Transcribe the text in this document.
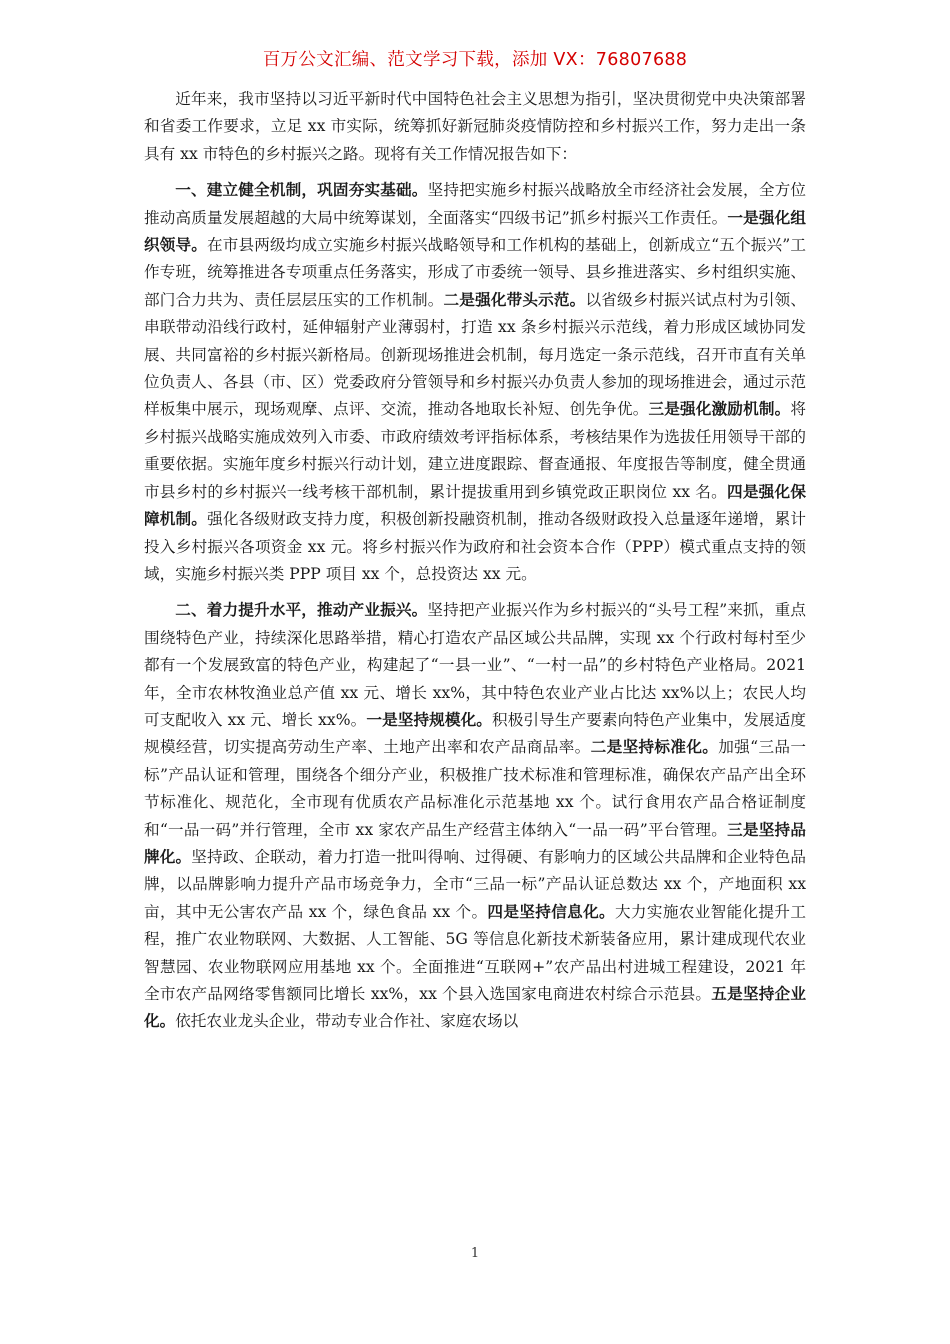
百万公文汇编、范文学习下载，添加 VX：76807688

近年来，我市坚持以习近平新时代中国特色社会主义思想为指引，坚决贯彻党中央决策部署和省委工作要求，立足 xx 市实际，统筹抓好新冠肺炎疫情防控和乡村振兴工作，努力走出一条具有 xx 市特色的乡村振兴之路。现将有关工作情况报告如下：

一、建立健全机制，巩固夯实基础。坚持把实施乡村振兴战略放全市经济社会发展，全方位推动高质量发展超越的大局中统筹谋划，全面落实“四级书记”抓乡村振兴工作责任。一是强化组织领导。在市县两级均成立实施乡村振兴战略领导和工作机构的基础上，创新成立“五个振兴”工作专班，统筹推进各专项重点任务落实，形成了市委统一领导、县乡推进落实、乡村组织实施、部门合力共为、责任层层压实的工作机制。二是强化带头示范。以省级乡村振兴试点村为引领、串联带动沿线行政村，延伸辐射产业薄弱村，打造 xx 条乡村振兴示范线，着力形成区域协同发展、共同富裕的乡村振兴新格局。创新现场推进会机制，每月选定一条示范线，召开市直有关单位负责人、各县（市、区）党委政府分管领导和乡村振兴办负责人参加的现场推进会，通过示范样板集中展示，现场观摩、点评、交流，推动各地取长补短、创先争优。三是强化激励机制。将乡村振兴战略实施成效列入市委、市政府绩效考评指标体系，考核结果作为选拔任用领导干部的重要依据。实施年度乡村振兴行动计划，建立进度跟踪、督查通报、年度报告等制度，健全贯通市县乡村的乡村振兴一线考核干部机制，累计提拔重用到乡镇党政正职岗位 xx 名。四是强化保障机制。强化各级财政支持力度，积极创新投融资机制，推动各级财政投入总量逐年递增，累计投入乡村振兴各项资金 xx 元。将乡村振兴作为政府和社会资本合作（PPP）模式重点支持的领域，实施乡村振兴类 PPP 项目 xx 个，总投资达 xx 元。

二、着力提升水平，推动产业振兴。坚持把产业振兴作为乡村振兴的“头号工程”来抓，重点围绕特色产业，持续深化思路举措，精心打造农产品区域公共品牌，实现 xx 个行政村每村至少都有一个发展致富的特色产业，构建起了“一县一业”、“一村一品”的乡村特色产业格局。2021 年，全市农林牧渔业总产值 xx 元、增长 xx%，其中特色农业产业占比达 xx%以上；农民人均可支配收入 xx 元、增长 xx%。一是坚持规模化。积极引导生产要素向特色产业集中，发展适度规模经营，切实提高劳动生产率、土地产出率和农产品商品率。二是坚持标准化。加强“三品一标”产品认证和管理，围绕各个细分产业，积极推广技术标准和管理标准，确保农产品产出全环节标准化、规范化，全市现有优质农产品标准化示范基地 xx 个。试行食用农产品合格证制度和“一品一码”并行管理，全市 xx 家农产品生产经营主体纳入“一品一码”平台管理。三是坚持品牌化。坚持政、企联动，着力打造一批叫得响、过得硬、有影响力的区域公共品牌和企业特色品牌，以品牌影响力提升产品市场竞争力，全市“三品一标”产品认证总数达 xx 个，产地面积 xx 亩，其中无公害农产品 xx 个，绿色食品 xx 个。四是坚持信息化。大力实施农业智能化提升工程，推广农业物联网、大数据、人工智能、5G 等信息化新技术新装备应用，累计建成现代农业智慧园、农业物联网应用基地 xx 个。全面推进“互联网+”农产品出村进城工程建设，2021 年全市农产品网络零售额同比增长 xx%，xx 个县入选国家电商进农村综合示范县。五是坚持企业化。依托农业龙头企业，带动专业合作社、家庭农场以

1
